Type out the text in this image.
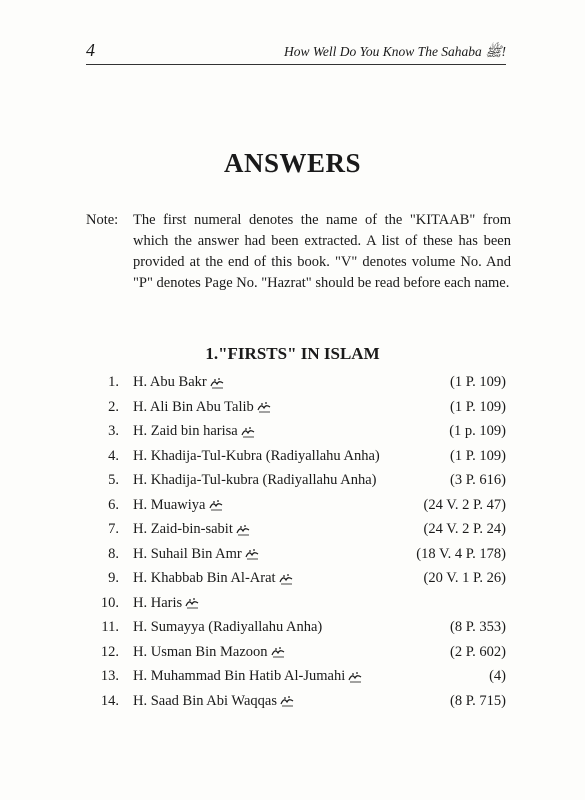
4	How Well Do You Know The Sahaba ﷺ!
ANSWERS
Note: The first numeral denotes the name of the "KITAAB" from which the answer had been extracted. A list of these has been provided at the end of this book. "V" denotes volume No. And "P" denotes Page No. "Hazrat" should be read before each name.
1."FIRSTS" IN ISLAM
1. H. Abu Bakr	(1 P. 109)
2. H. Ali Bin Abu Talib	(1 P. 109)
3. H. Zaid bin harisa	(1 p. 109)
4. H. Khadija-Tul-Kubra (Radiyallahu Anha)	(1 P. 109)
5. H. Khadija-Tul-kubra (Radiyallahu Anha)	(3 P. 616)
6. H. Muawiya	(24 V. 2 P. 47)
7. H. Zaid-bin-sabit	(24 V. 2 P. 24)
8. H. Suhail Bin Amr	(18 V. 4 P. 178)
9. H. Khabbab Bin Al-Arat	(20 V. 1 P. 26)
10. H. Haris
11. H. Sumayya (Radiyallahu Anha)	(8 P. 353)
12. H. Usman Bin Mazoon	(2 P. 602)
13. H. Muhammad Bin Hatib Al-Jumahi	(4)
14. H. Saad Bin Abi Waqqas	(8 P. 715)
